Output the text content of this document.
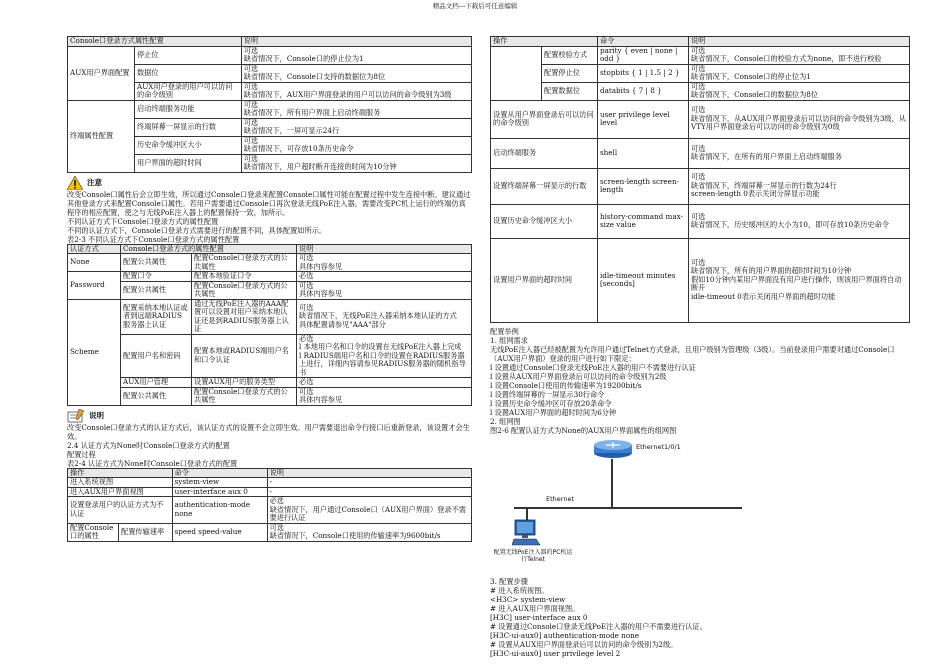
精品文档---下载后可任意编辑
Console口登录方式属性配置		说明
AUX用户界面配置	停止位	可选
缺省情况下，Console口的停止位为1

	数据位	可选
缺省情况下，Console口支持的数据位为8位

	AUX用户登录的用户可以访问的命令级别	可选
缺省情况下，AUX用户界面登录的用户可以访问的命令级别为3级

终端属性配置	启动终端服务功能	可选
缺省情况下，所有用户界面上启动终端服务

	终端屏幕一屏显示的行数	可选
缺省情况下，一屏可显示24行

	历史命令缓冲区大小	可选
缺省情况下，可存放10条历史命令

	用户界面的超时时间	可选
缺省情况下，用户超时断开连接的时间为10分钟
注意

改变Console口属性后会立即生效，所以通过Console口登录来配置Console口属性可能在配置过程中发生连接中断。建议通过其他登录方式来配置Console口属性。若用户需要通过Console口再次登录无线PoE注入器，需要改变PC机上运行的终端仿真程序的相应配置，使之与无线PoE注入器上的配置保持一致，加所示。

不同认证方式下Console口登录方式的属性配置

不同的认证方式下，Console口登录方式需要进行的配置不同，具体配置如所示。

表2-3 不同认证方式下Console口登录方式的属性配置

认证方式	Console口登录方式的属性配置		说明
None	配置公共属性	配置Console口登录方式的公共属性	可选
具体内容参见

Password	配置口令	配置本地验证口令	必选
	配置公共属性	配置Console口登录方式的公共属性	可选
具体内容参见

Scheme	配置采纳本地认证或者到远端RADIUS服务器上认证	通过无线PoE注入器的AAA配置可以设置对用户采纳本地认证还是到RADIUS服务器上认证	可选
缺省情况下，无线PoE注入器采纳本地认证的方式
具体配置请参见"AAA"部分

	配置用户名和密码	配置本地或RADIUS端用户名和口令认证	必选
l 本地用户名和口令的设置在无线PoE注入器上完成
l RADIUS端用户名和口令的设置在RADIUS服务器上进行，详细内容请参见RADIUS服务器的随机指导书

	AUX用户管理	设置AUX用户的服务类型	必选
	配置公共属性	配置Console口登录方式的公共属性	可选
具体内容参见
说明

改变Console口登录方式的认证方式后，该认证方式的设置不会立即生效。用户需要退出命令行接口后重新登录，该设置才会生效。

2.4 认证方式为None时Console口登录方式的配置

配置过程

表2-4 认证方式为None时Console口登录方式的配置

操作		命令	说明
进入系统视图		system-view	-
进入AUX用户界面视图		user-interface aux 0	-
设置登录用户的认证方式为不认证		authentication-mode none	必选
缺省情况下，用户通过Console口（AUX用户界面）登录不需要进行认证

配置Console口的属性	配置传输速率	speed speed-value	可选
缺省情况下，Console口使用的传输速率为9600bit/s
操作		命令	说明
	配置校验方式	parity { even | none | odd }	可选
缺省情况下，Console口的校验方式为none，即不进行校验

	配置停止位	stopbits { 1 | 1.5 | 2 }	可选
缺省情况下，Console口的停止位为1

	配置数据位	databits { 7 | 8 }	可选
缺省情况下，Console口的数据位为8位

设置从用户界面登录后可以访问的命令级别		user privilege level level	可选
缺省情况下，从AUX用户界面登录后可以访问的命令级别为3级，从VTY用户界面登录后可以访问的命令级别为0级

启动终端服务		shell	可选
缺省情况下，在所有的用户界面上启动终端服务

设置终端屏幕一屏显示的行数		screen-length screen-length	可选
缺省情况下，终端屏幕一屏显示的行数为24行
screen-length 0表示关闭分屏显示功能

设置历史命令缓冲区大小		history-command max-size value	可选
缺省情况下，历史缓冲区的大小为10，即可存放10条历史命令

设置用户界面的超时时间		idle-timeout minutes [seconds]	可选
缺省情况下，所有的用户界面的超时时间为10分钟
假如10分钟内某用户界面没有用户进行操作，则该用户界面将自动断开
idle-timeout 0表示关闭用户界面的超时功能

配置举例

1. 组网需求

无线PoE注入器已经被配置为允许用户通过Telnet方式登录，且用户级别为管理级（3级）。当前登录用户需要对通过Console口（AUX用户界面）登录的用户进行如下限定：

l 设置通过Console口登录无线PoE注入器的用户不需要进行认证

l 设置从AUX用户界面登录后可以访问的命令级别为2级

l 设置Console口使用的传输速率为19200bit/s

l 设置终端屏幕的一屏显示30行命令

l 设置历史命令缓冲区可存放20条命令

l 设置AUX用户界面的超时时间为6分钟

2. 组网图

图2-6 配置认证方式为None的AUX用户界面属性的组网图

Ethernet1/0/1
Ethernet
配置无线PoE注入器的PC机运行Telnet

3. 配置步骤

# 进入系统视图。

<H3C> system-view

# 进入AUX用户界面视图。

[H3C] user-interface aux 0

# 设置通过Console口登录无线PoE注入器的用户不需要进行认证。

[H3C-ui-aux0] authentication-mode none

# 设置从AUX用户界面登录后可以访问的命令级别为2级。

[H3C-ui-aux0] user privilege level 2
